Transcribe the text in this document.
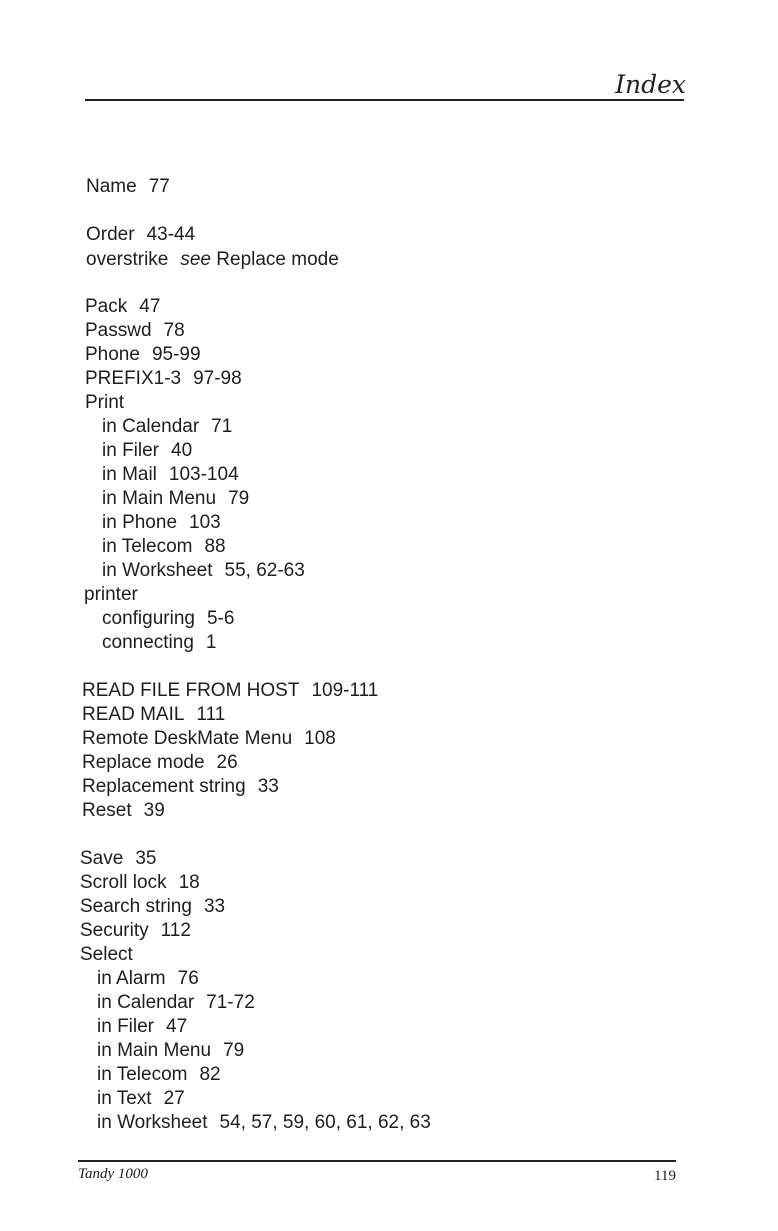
Index
Name 77
Order 43-44
overstrike see Replace mode
Pack 47
Passwd 78
Phone 95-99
PREFIX1-3 97-98
Print
in Calendar 71
in Filer 40
in Mail 103-104
in Main Menu 79
in Phone 103
in Telecom 88
in Worksheet 55, 62-63
printer
configuring 5-6
connecting 1
READ FILE FROM HOST 109-111
READ MAIL 111
Remote DeskMate Menu 108
Replace mode 26
Replacement string 33
Reset 39
Save 35
Scroll lock 18
Search string 33
Security 112
Select
in Alarm 76
in Calendar 71-72
in Filer 47
in Main Menu 79
in Telecom 82
in Text 27
in Worksheet 54, 57, 59, 60, 61, 62, 63
Tandy 1000	119
